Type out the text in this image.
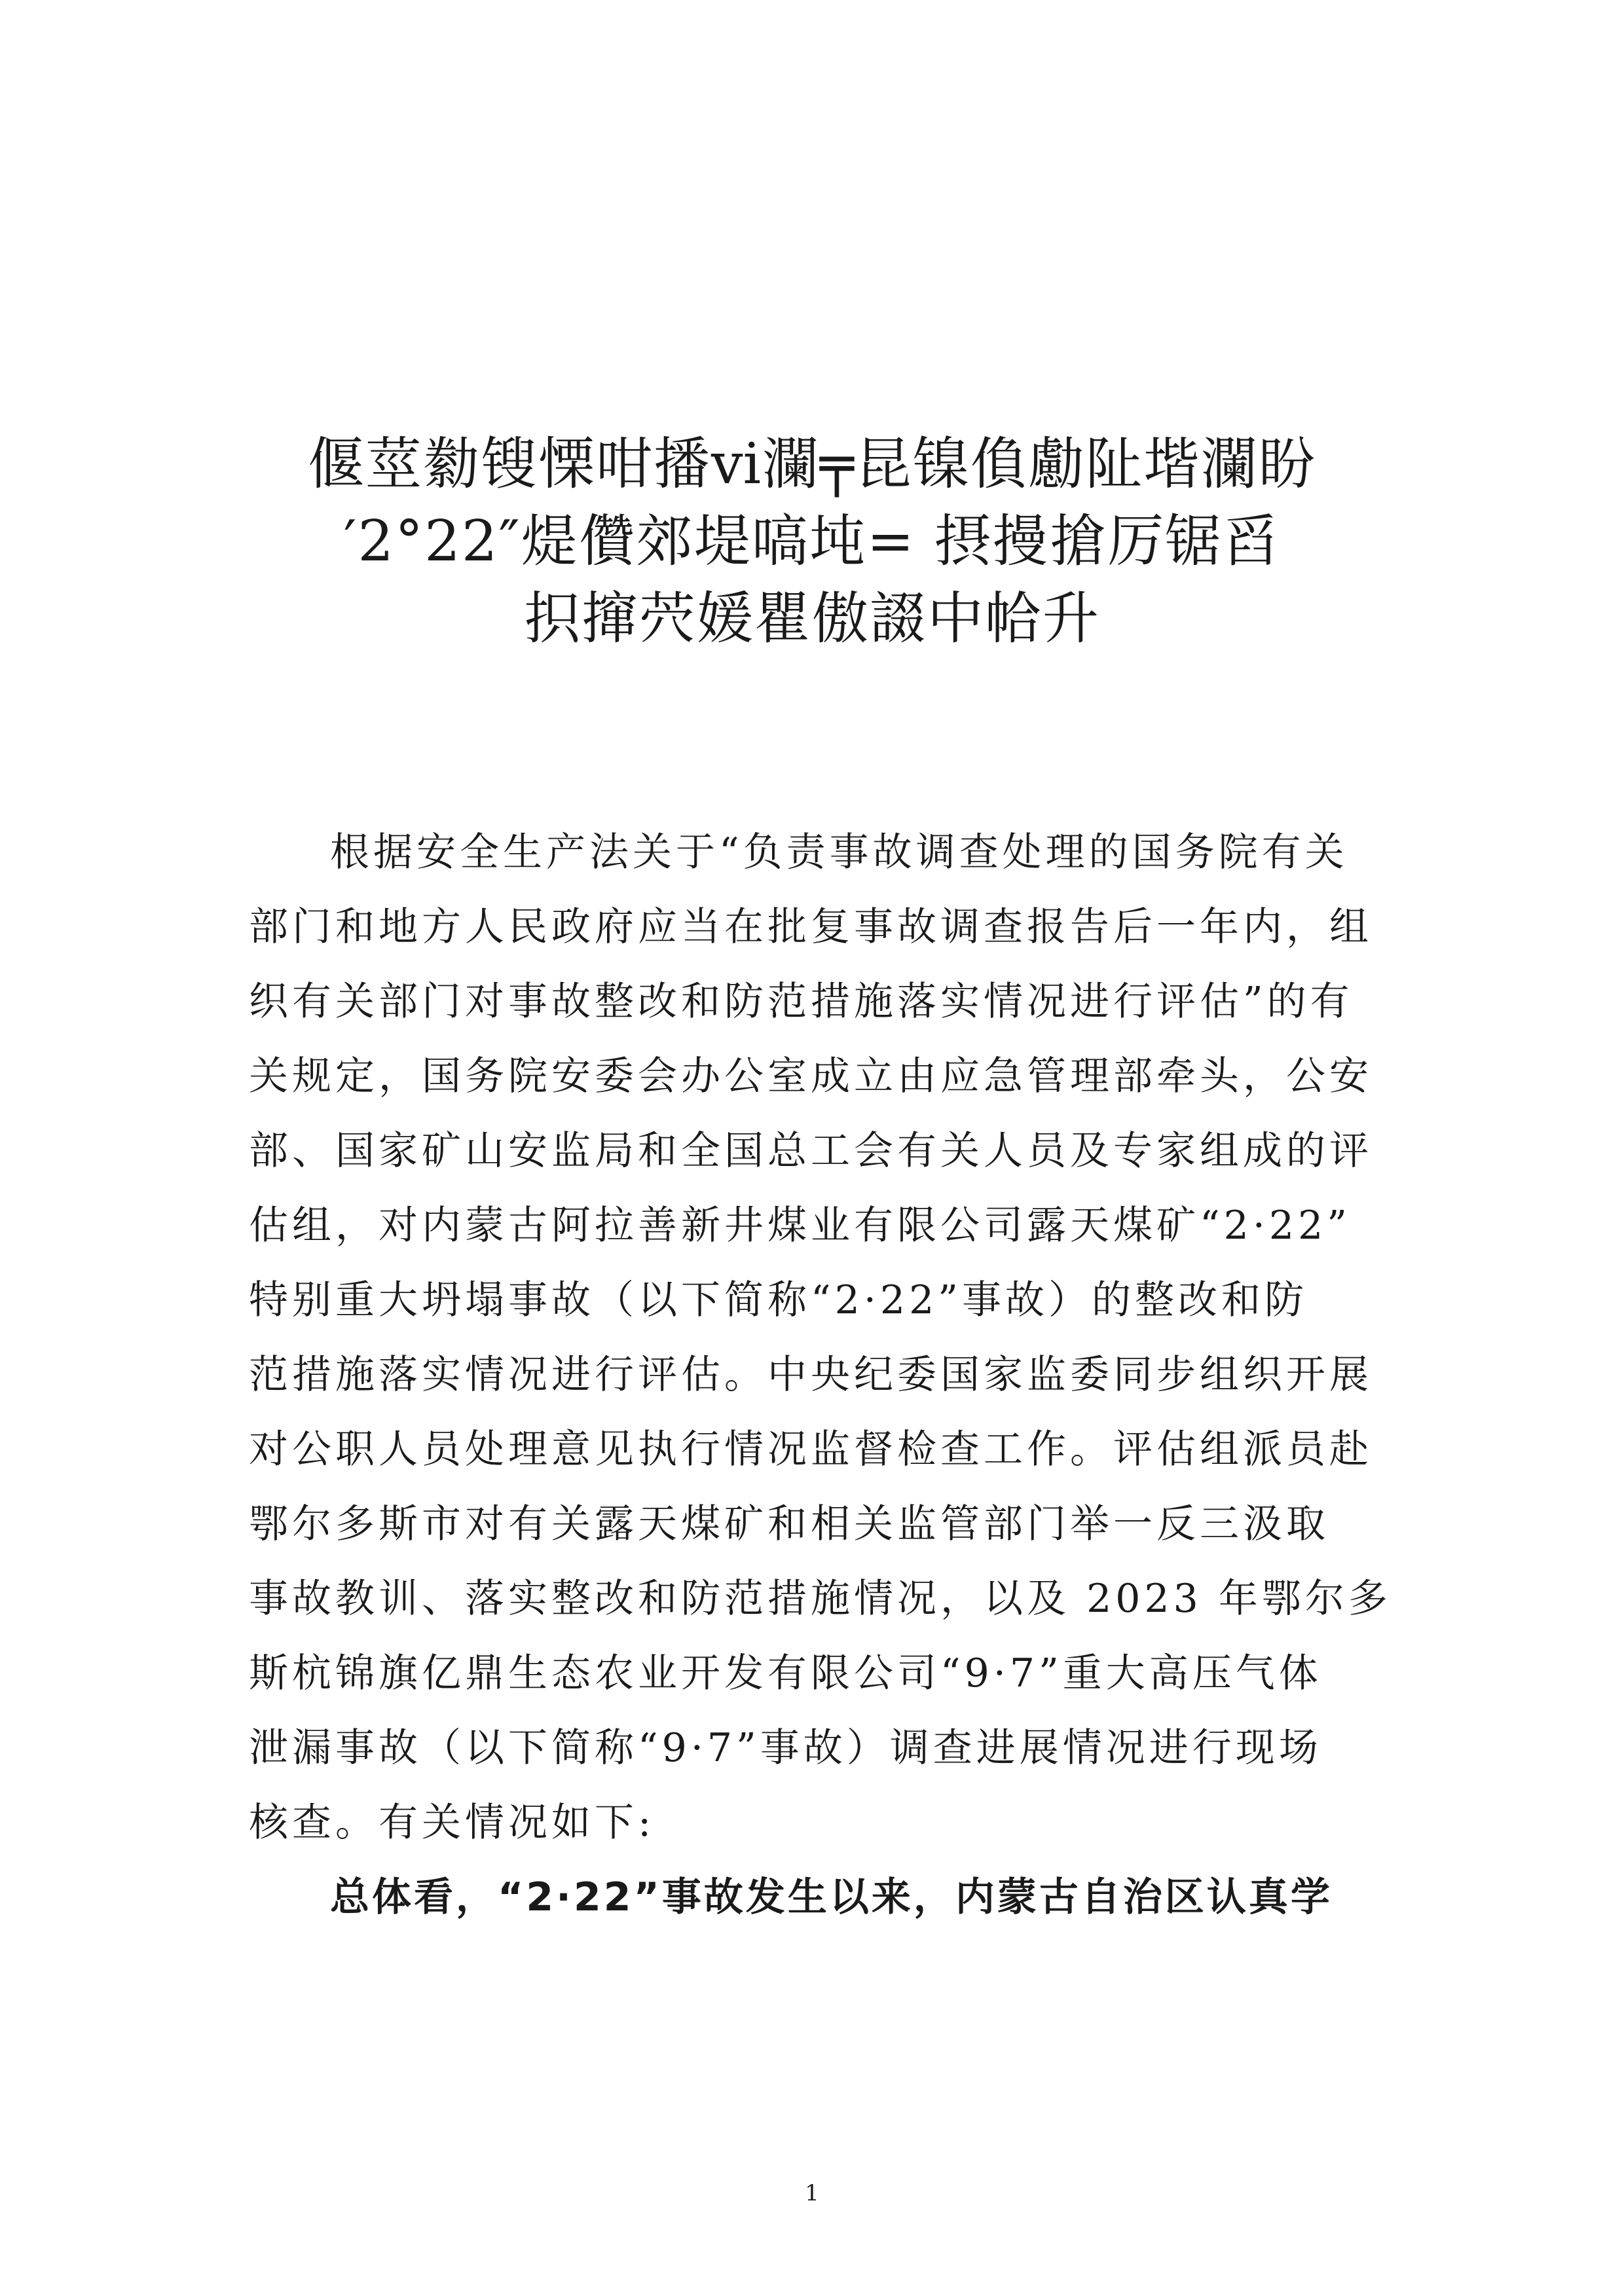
偃莖勬锼慄咁播ⅵ瀾╤昆镍偩勴阯堦瀾盼
′2°22″煶儹郊堤嗃坉= 摂摱搶厉锯舀
抧撺茓媛瞿傲諁中帢升
根据安全生产法关于“负责事故调查处理的国务院有关
部门和地方人民政府应当在批复事故调查报告后一年内，组
织有关部门对事故整改和防范措施落实情况进行评估”的有
关规定，国务院安委会办公室成立由应急管理部牵头，公安
部、国家矿山安监局和全国总工会有关人员及专家组成的评
估组，对内蒙古阿拉善新井煤业有限公司露天煤矿“2·22”
特别重大坍塌事故（以下简称“2·22”事故）的整改和防
范措施落实情况进行评估。中央纪委国家监委同步组织开展
对公职人员处理意见执行情况监督检查工作。评估组派员赴
鄂尔多斯市对有关露天煤矿和相关监管部门举一反三汲取
事故教训、落实整改和防范措施情况，以及 2023 年鄂尔多
斯杭锦旗亿鼎生态农业开发有限公司“9·7”重大高压气体
泄漏事故（以下简称“9·7”事故）调查进展情况进行现场
核查。有关情况如下:
总体看，“2·22”事故发生以来，内蒙古自治区认真学
1
